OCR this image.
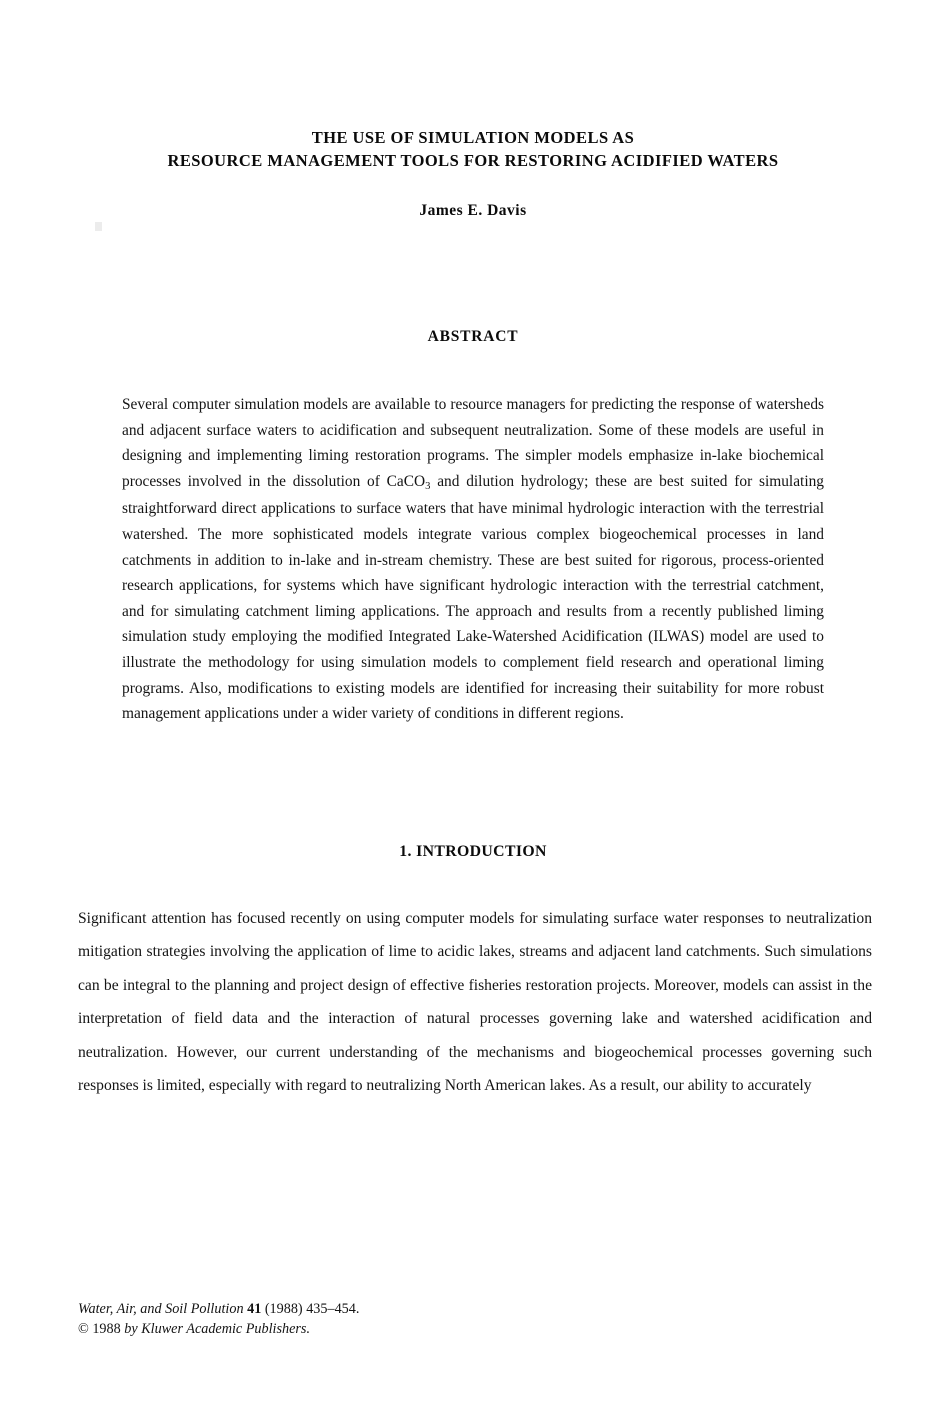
THE USE OF SIMULATION MODELS AS
RESOURCE MANAGEMENT TOOLS FOR RESTORING ACIDIFIED WATERS
James E. Davis
ABSTRACT
Several computer simulation models are available to resource managers for predicting the response of watersheds and adjacent surface waters to acidification and subsequent neutralization. Some of these models are useful in designing and implementing liming restoration programs. The simpler models emphasize in-lake biochemical processes involved in the dissolution of CaCO$_3$ and dilution hydrology; these are best suited for simulating straightforward direct applications to surface waters that have minimal hydrologic interaction with the terrestrial watershed. The more sophisticated models integrate various complex biogeochemical processes in land catchments in addition to in-lake and in-stream chemistry. These are best suited for rigorous, process-oriented research applications, for systems which have significant hydrologic interaction with the terrestrial catchment, and for simulating catchment liming applications. The approach and results from a recently published liming simulation study employing the modified Integrated Lake-Watershed Acidification (ILWAS) model are used to illustrate the methodology for using simulation models to complement field research and operational liming programs. Also, modifications to existing models are identified for increasing their suitability for more robust management applications under a wider variety of conditions in different regions.
1. INTRODUCTION
Significant attention has focused recently on using computer models for simulating surface water responses to neutralization mitigation strategies involving the application of lime to acidic lakes, streams and adjacent land catchments. Such simulations can be integral to the planning and project design of effective fisheries restoration projects. Moreover, models can assist in the interpretation of field data and the interaction of natural processes governing lake and watershed acidification and neutralization. However, our current understanding of the mechanisms and biogeochemical processes governing such responses is limited, especially with regard to neutralizing North American lakes. As a result, our ability to accurately
Water, Air, and Soil Pollution 41 (1988) 435–454.
© 1988 by Kluwer Academic Publishers.
